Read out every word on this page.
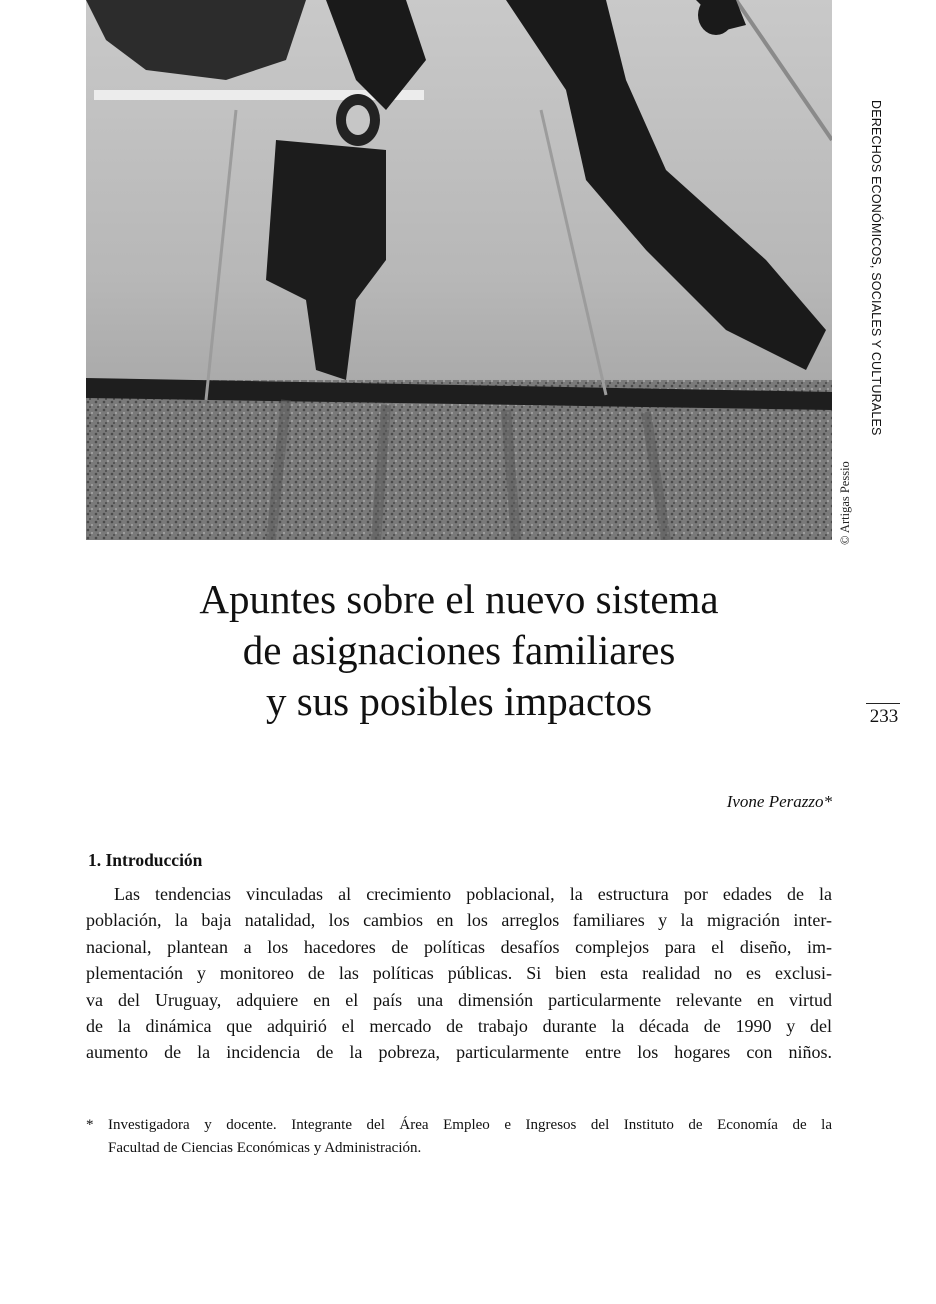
© Artigas Pessio
DERECHOS ECONÓMICOS, SOCIALES Y CULTURALES
233
Apuntes sobre el nuevo sistema
de asignaciones familiares
y sus posibles impactos
Ivone Perazzo*
1. Introducción
Las tendencias vinculadas al crecimiento poblacional, la estructura por edades de la
población, la baja natalidad, los cambios en los arreglos familiares y la migración inter-
nacional, plantean a los hacedores de políticas desafíos complejos para el diseño, im-
plementación y monitoreo de las políticas públicas. Si bien esta realidad no es exclusi-
va del Uruguay, adquiere en el país una dimensión particularmente relevante en virtud
de la dinámica que adquirió el mercado de trabajo durante la década de 1990 y del
aumento de la incidencia de la pobreza, particularmente entre los hogares con niños.
* Investigadora y docente. Integrante del Área Empleo e Ingresos del Instituto de Economía de la
Facultad de Ciencias Económicas y Administración.
